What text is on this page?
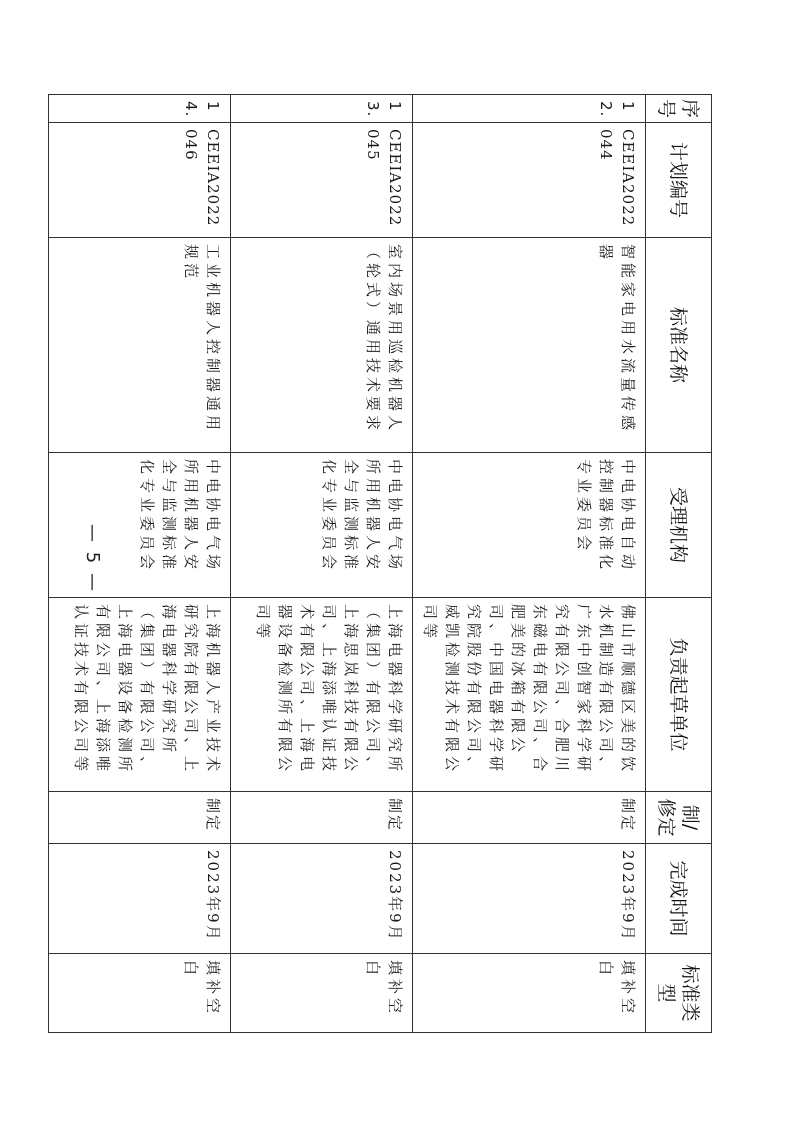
序号	计划编号	标准名称	受理机构	负责起草单位	制/修定	完成时间	标准类型
12.	CEEIA2022044	智能家电用水流量传感器	中电协电自动控制器标准化专业委员会	佛山市顺德区美的饮水机制造有限公司、广东中创智家科学研究有限公司、合肥川东磁电有限公司、合肥美的冰箱有限公司、中国电器科学研究院股份有限公司、威凯检测技术有限公司等	制定	2023年9月	填补空白
13.	CEEIA2022045	室内场景用巡检机器人（轮式）通用技术要求	中电协电气场所用机器人安全与监测标准化专业委员会	上海电器科学研究所（集团）有限公司、上海思岚科技有限公司、上海添唯认证技术有限公司、上海电器设备检测所有限公司等	制定	2023年9月	填补空白
14.	CEEIA2022046	工业机器人控制器通用规范	中电协电气场所用机器人安全与监测标准化专业委员会	上海机器人产业技术研究院有限公司、上海电器科学研究所（集团）有限公司、上海电器设备检测所有限公司、上海添唯认证技术有限公司等	制定	2023年9月	填补空白
— 5 —
